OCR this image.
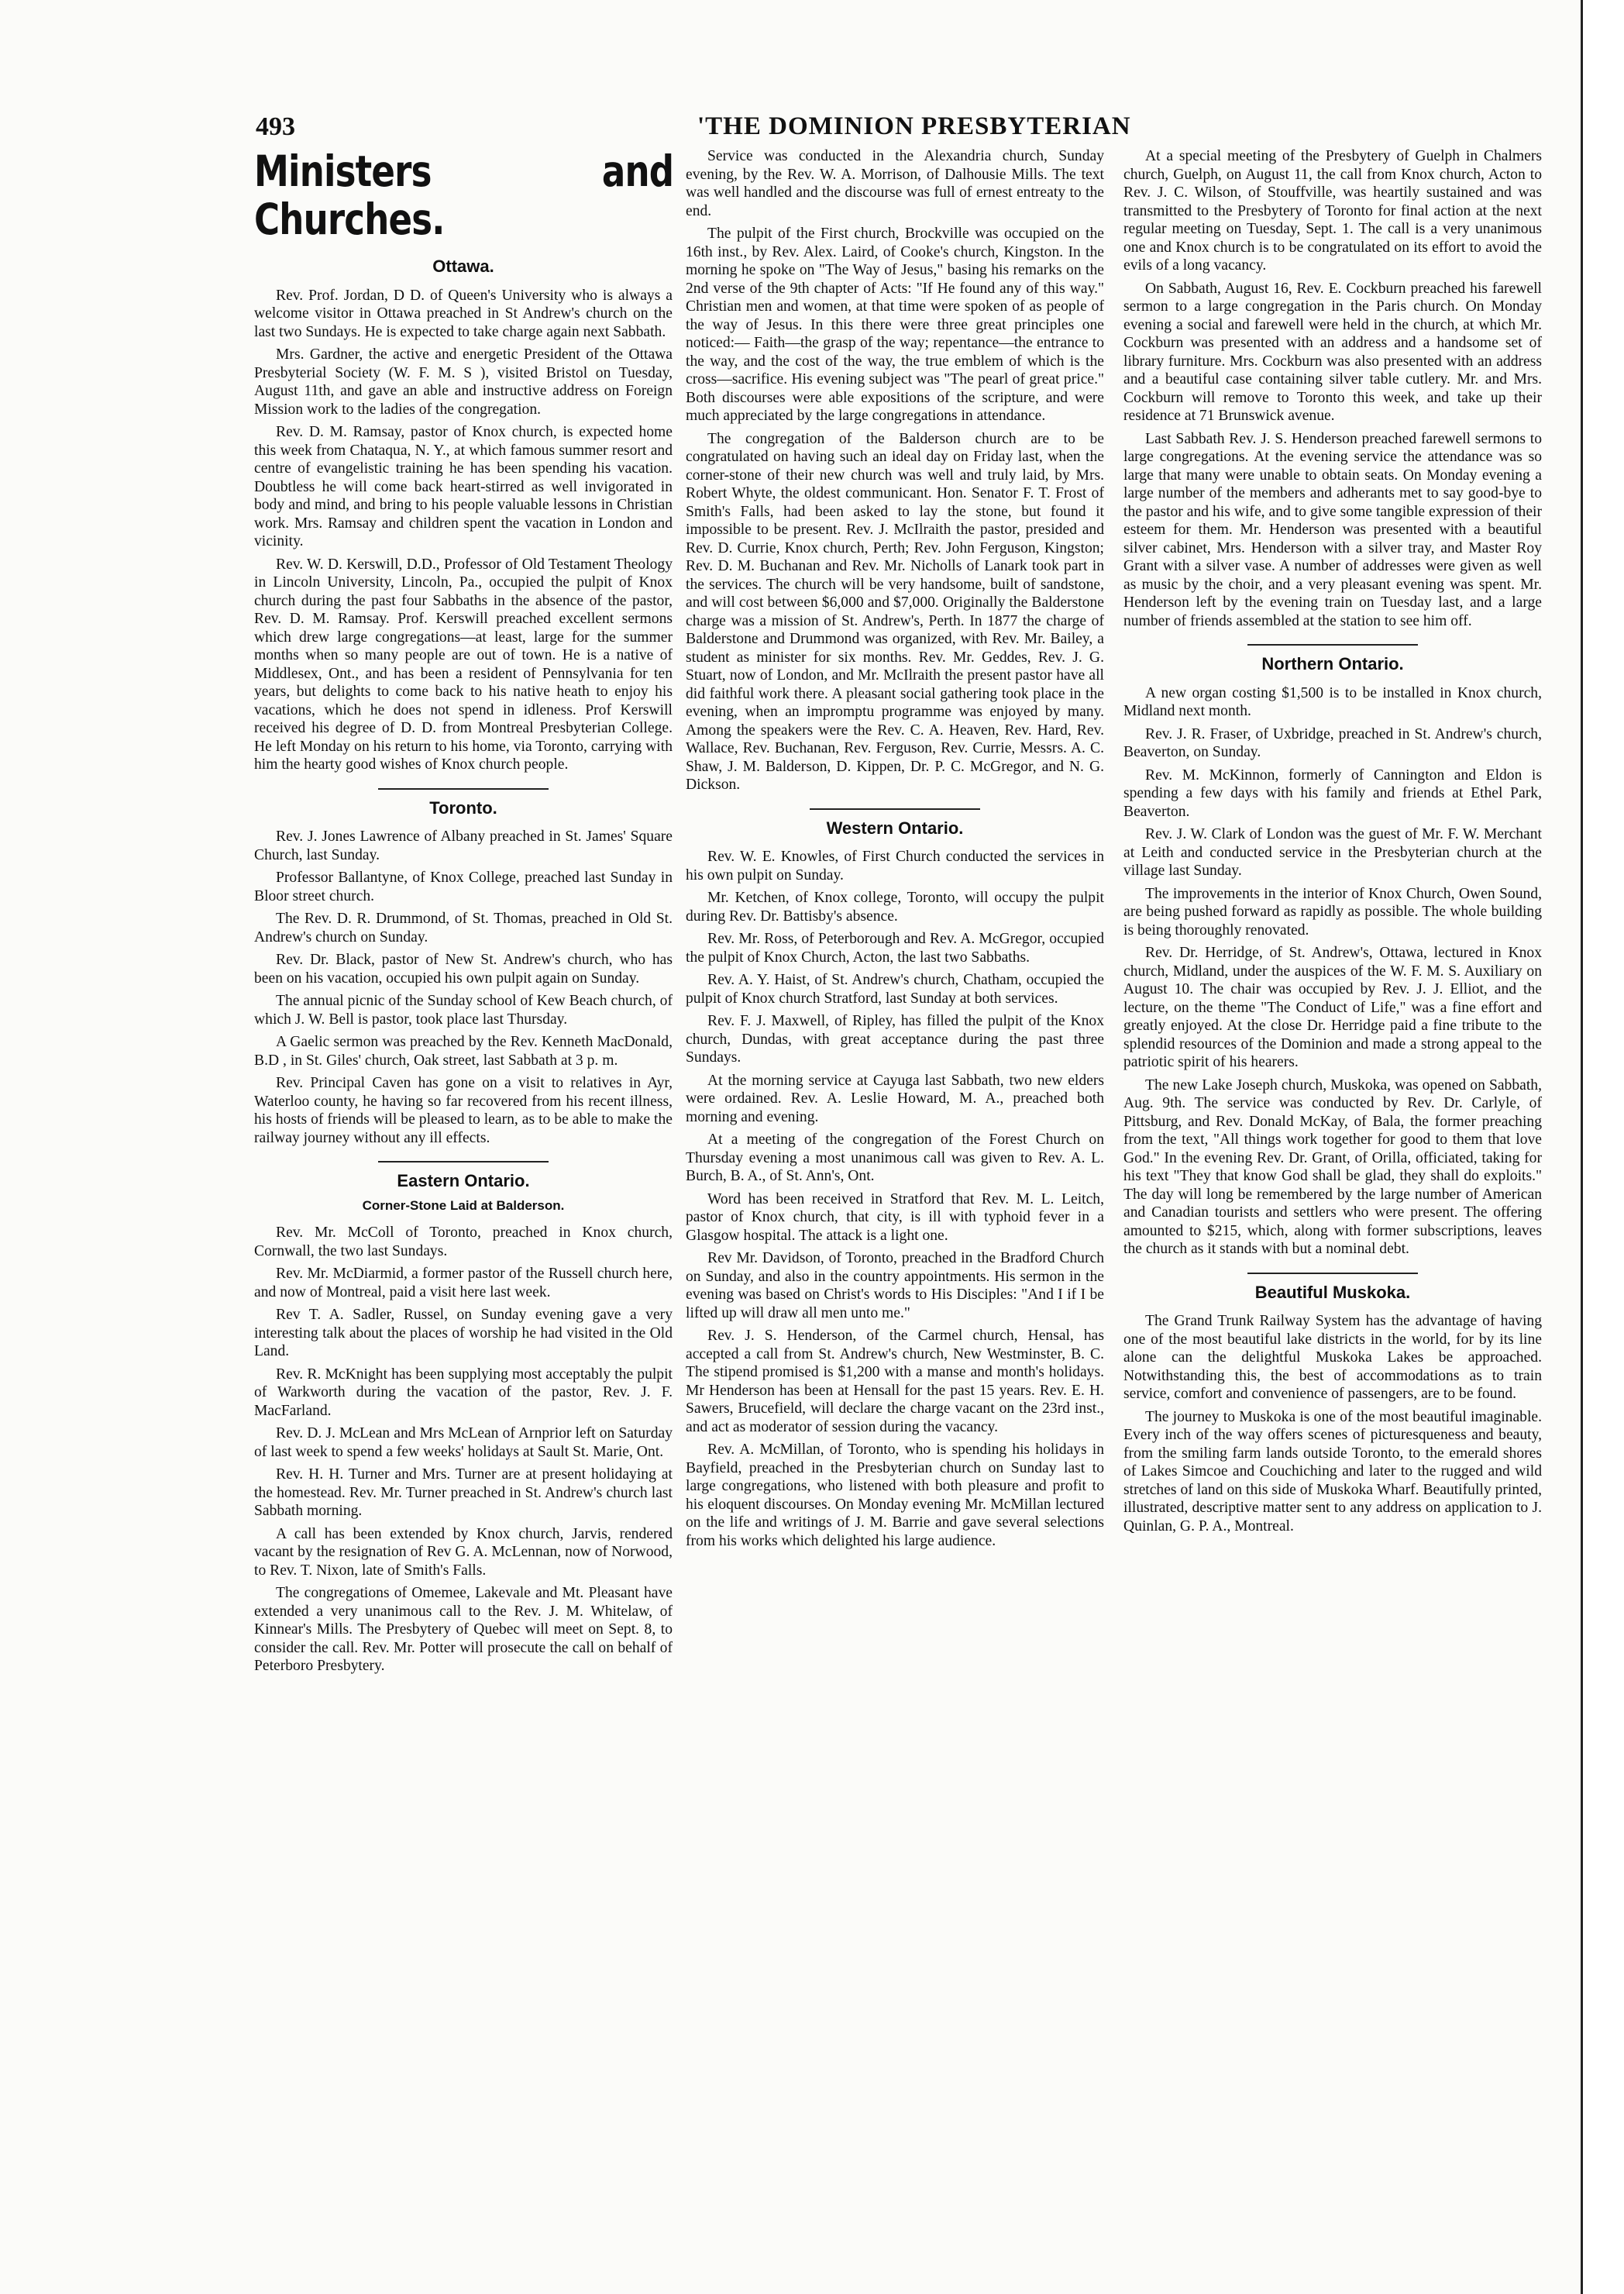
493	'THE DOMINION PRESBYTERIAN
Ministers and Churches.
Ottawa.

Rev. Prof. Jordan, D D. of Queen's University who is always a welcome visitor in Ottawa preached in St Andrew's church on the last two Sundays. He is expected to take charge again next Sabbath.

Mrs. Gardner, the active and energetic President of the Ottawa Presbyterial Society (W. F. M. S ), visited Bristol on Tuesday, August 11th, and gave an able and instructive address on Foreign Mission work to the ladies of the congregation.

Rev. D. M. Ramsay, pastor of Knox church, is expected home this week from Chataqua, N. Y., at which famous summer resort and centre of evangelistic training he has been spending his vacation. Doubtless he will come back heart-stirred as well invigorated in body and mind, and bring to his people valuable lessons in Christian work. Mrs. Ramsay and children spent the vacation in London and vicinity.

Rev. W. D. Kerswill, D.D., Professor of Old Testament Theology in Lincoln University, Lincoln, Pa., occupied the pulpit of Knox church during the past four Sabbaths in the absence of the pastor, Rev. D. M. Ramsay. Prof. Kerswill preached excellent sermons which drew large congregations—at least, large for the summer months when so many people are out of town. He is a native of Middlesex, Ont., and has been a resident of Pennsylvania for ten years, but delights to come back to his native heath to enjoy his vacations, which he does not spend in idleness. Prof Kerswill received his degree of D. D. from Montreal Presbyterian College. He left Monday on his return to his home, via Toronto, carrying with him the hearty good wishes of Knox church people.

Toronto.

Rev. J. Jones Lawrence of Albany preached in St. James' Square Church, last Sunday.

Professor Ballantyne, of Knox College, preached last Sunday in Bloor street church.

The Rev. D. R. Drummond, of St. Thomas, preached in Old St. Andrew's church on Sunday.

Rev. Dr. Black, pastor of New St. Andrew's church, who has been on his vacation, occupied his own pulpit again on Sunday.

The annual picnic of the Sunday school of Kew Beach church, of which J. W. Bell is pastor, took place last Thursday.

A Gaelic sermon was preached by the Rev. Kenneth MacDonald, B.D , in St. Giles' church, Oak street, last Sabbath at 3 p. m.

Rev. Principal Caven has gone on a visit to relatives in Ayr, Waterloo county, he having so far recovered from his recent illness, his hosts of friends will be pleased to learn, as to be able to make the railway journey without any ill effects.

Eastern Ontario.
Corner-Stone Laid at Balderson.

Rev. Mr. McColl of Toronto, preached in Knox church, Cornwall, the two last Sundays.

Rev. Mr. McDiarmid, a former pastor of the Russell church here, and now of Montreal, paid a visit here last week.

Rev T. A. Sadler, Russel, on Sunday evening gave a very interesting talk about the places of worship he had visited in the Old Land.

Rev. R. McKnight has been supplying most acceptably the pulpit of Warkworth during the vacation of the pastor, Rev. J. F. MacFarland.

Rev. D. J. McLean and Mrs McLean of Arnprior left on Saturday of last week to spend a few weeks' holidays at Sault St. Marie, Ont.

Rev. H. H. Turner and Mrs. Turner are at present holidaying at the homestead. Rev. Mr. Turner preached in St. Andrew's church last Sabbath morning.

A call has been extended by Knox church, Jarvis, rendered vacant by the resignation of Rev G. A. McLennan, now of Norwood, to Rev. T. Nixon, late of Smith's Falls.

The congregations of Omemee, Lakevale and Mt. Pleasant have extended a very unanimous call to the Rev. J. M. Whitelaw, of Kinnear's Mills. The Presbytery of Quebec will meet on Sept. 8, to consider the call. Rev. Mr. Potter will prosecute the call on behalf of Peterboro Presbytery.

Service was conducted in the Alexandria church, Sunday evening, by the Rev. W. A. Morrison, of Dalhousie Mills. The text was well handled and the discourse was full of ernest entreaty to the end.

The pulpit of the First church, Brockville was occupied on the 16th inst., by Rev. Alex. Laird, of Cooke's church, Kingston. In the morning he spoke on "The Way of Jesus," basing his remarks on the 2nd verse of the 9th chapter of Acts: "If He found any of this way." Christian men and women, at that time were spoken of as people of the way of Jesus. In this there were three great principles one noticed:— Faith—the grasp of the way; repentance—the entrance to the way, and the cost of the way, the true emblem of which is the cross—sacrifice. His evening subject was "The pearl of great price." Both discourses were able expositions of the scripture, and were much appreciated by the large congregations in attendance.

The congregation of the Balderson church are to be congratulated on having such an ideal day on Friday last, when the corner-stone of their new church was well and truly laid, by Mrs. Robert Whyte, the oldest communicant. Hon. Senator F. T. Frost of Smith's Falls, had been asked to lay the stone, but found it impossible to be present. Rev. J. McIlraith the pastor, presided and Rev. D. Currie, Knox church, Perth; Rev. John Ferguson, Kingston; Rev. D. M. Buchanan and Rev. Mr. Nicholls of Lanark took part in the services. The church will be very handsome, built of sandstone, and will cost between $6,000 and $7,000. Originally the Balderstone charge was a mission of St. Andrew's, Perth. In 1877 the charge of Balderstone and Drummond was organized, with Rev. Mr. Bailey, a student as minister for six months. Rev. Mr. Geddes, Rev. J. G. Stuart, now of London, and Mr. McIlraith the present pastor have all did faithful work there. A pleasant social gathering took place in the evening, when an impromptu programme was enjoyed by many. Among the speakers were the Rev. C. A. Heaven, Rev. Hard, Rev. Wallace, Rev. Buchanan, Rev. Ferguson, Rev. Currie, Messrs. A. C. Shaw, J. M. Balderson, D. Kippen, Dr. P. C. McGregor, and N. G. Dickson.

Western Ontario.

Rev. W. E. Knowles, of First Church conducted the services in his own pulpit on Sunday.

Mr. Ketchen, of Knox college, Toronto, will occupy the pulpit during Rev. Dr. Battisby's absence.

Rev. Mr. Ross, of Peterborough and Rev. A. McGregor, occupied the pulpit of Knox Church, Acton, the last two Sabbaths.

Rev. A. Y. Haist, of St. Andrew's church, Chatham, occupied the pulpit of Knox church Stratford, last Sunday at both services.

Rev. F. J. Maxwell, of Ripley, has filled the pulpit of the Knox church, Dundas, with great acceptance during the past three Sundays.

At the morning service at Cayuga last Sabbath, two new elders were ordained. Rev. A. Leslie Howard, M. A., preached both morning and evening.

At a meeting of the congregation of the Forest Church on Thursday evening a most unanimous call was given to Rev. A. L. Burch, B. A., of St. Ann's, Ont.

Word has been received in Stratford that Rev. M. L. Leitch, pastor of Knox church, that city, is ill with typhoid fever in a Glasgow hospital. The attack is a light one.

Rev Mr. Davidson, of Toronto, preached in the Bradford Church on Sunday, and also in the country appointments. His sermon in the evening was based on Christ's words to His Disciples: "And I if I be lifted up will draw all men unto me."

Rev. J. S. Henderson, of the Carmel church, Hensal, has accepted a call from St. Andrew's church, New Westminster, B. C. The stipend promised is $1,200 with a manse and month's holidays. Mr Henderson has been at Hensall for the past 15 years. Rev. E. H. Sawers, Brucefield, will declare the charge vacant on the 23rd inst., and act as moderator of session during the vacancy.

Rev. A. McMillan, of Toronto, who is spending his holidays in Bayfield, preached in the Presbyterian church on Sunday last to large congregations, who listened with both pleasure and profit to his eloquent discourses. On Monday evening Mr. McMillan lectured on the life and writings of J. M. Barrie and gave several selections from his works which delighted his large audience.

At a special meeting of the Presbytery of Guelph in Chalmers church, Guelph, on August 11, the call from Knox church, Acton to Rev. J. C. Wilson, of Stouffville, was heartily sustained and was transmitted to the Presbytery of Toronto for final action at the next regular meeting on Tuesday, Sept. 1. The call is a very unanimous one and Knox church is to be congratulated on its effort to avoid the evils of a long vacancy.

On Sabbath, August 16, Rev. E. Cockburn preached his farewell sermon to a large congregation in the Paris church. On Monday evening a social and farewell were held in the church, at which Mr. Cockburn was presented with an address and a handsome set of library furniture. Mrs. Cockburn was also presented with an address and a beautiful case containing silver table cutlery. Mr. and Mrs. Cockburn will remove to Toronto this week, and take up their residence at 71 Brunswick avenue.

Last Sabbath Rev. J. S. Henderson preached farewell sermons to large congregations. At the evening service the attendance was so large that many were unable to obtain seats. On Monday evening a large number of the members and adherants met to say good-bye to the pastor and his wife, and to give some tangible expression of their esteem for them. Mr. Henderson was presented with a beautiful silver cabinet, Mrs. Henderson with a silver tray, and Master Roy Grant with a silver vase. A number of addresses were given as well as music by the choir, and a very pleasant evening was spent. Mr. Henderson left by the evening train on Tuesday last, and a large number of friends assembled at the station to see him off.

Northern Ontario.

A new organ costing $1,500 is to be installed in Knox church, Midland next month.

Rev. J. R. Fraser, of Uxbridge, preached in St. Andrew's church, Beaverton, on Sunday.

Rev. M. McKinnon, formerly of Cannington and Eldon is spending a few days with his family and friends at Ethel Park, Beaverton.

Rev. J. W. Clark of London was the guest of Mr. F. W. Merchant at Leith and conducted service in the Presbyterian church at the village last Sunday.

The improvements in the interior of Knox Church, Owen Sound, are being pushed forward as rapidly as possible. The whole building is being thoroughly renovated.

Rev. Dr. Herridge, of St. Andrew's, Ottawa, lectured in Knox church, Midland, under the auspices of the W. F. M. S. Auxiliary on August 10. The chair was occupied by Rev. J. J. Elliot, and the lecture, on the theme "The Conduct of Life," was a fine effort and greatly enjoyed. At the close Dr. Herridge paid a fine tribute to the splendid resources of the Dominion and made a strong appeal to the patriotic spirit of his hearers.

The new Lake Joseph church, Muskoka, was opened on Sabbath, Aug. 9th. The service was conducted by Rev. Dr. Carlyle, of Pittsburg, and Rev. Donald McKay, of Bala, the former preaching from the text, "All things work together for good to them that love God." In the evening Rev. Dr. Grant, of Orilla, officiated, taking for his text "They that know God shall be glad, they shall do exploits." The day will long be remembered by the large number of American and Canadian tourists and settlers who were present. The offering amounted to $215, which, along with former subscriptions, leaves the church as it stands with but a nominal debt.

Beautiful Muskoka.

The Grand Trunk Railway System has the advantage of having one of the most beautiful lake districts in the world, for by its line alone can the delightful Muskoka Lakes be approached. Notwithstanding this, the best of accommodations as to train service, comfort and convenience of passengers, are to be found.

The journey to Muskoka is one of the most beautiful imaginable. Every inch of the way offers scenes of picturesqueness and beauty, from the smiling farm lands outside Toronto, to the emerald shores of Lakes Simcoe and Couchiching and later to the rugged and wild stretches of land on this side of Muskoka Wharf. Beautifully printed, illustrated, descriptive matter sent to any address on application to J. Quinlan, G. P. A., Montreal.
